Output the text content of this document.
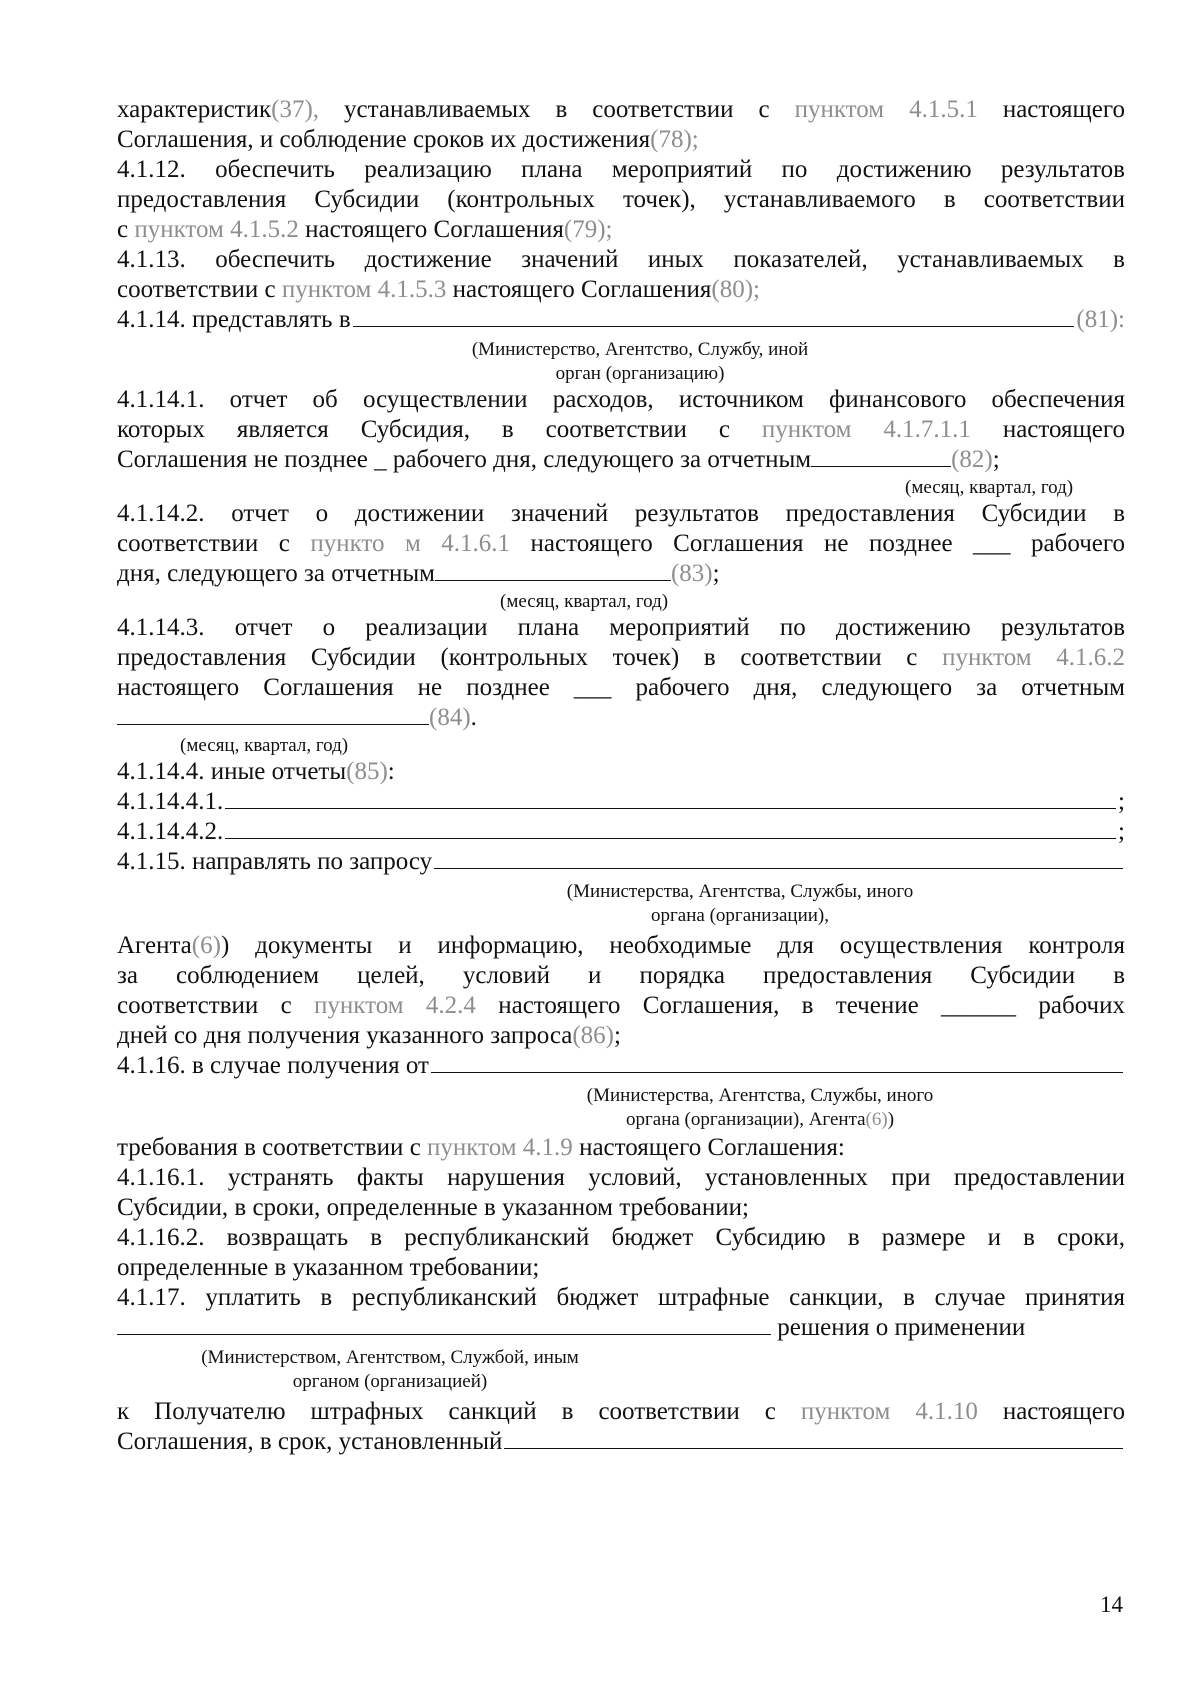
характеристик(37), устанавливаемых в соответствии с пунктом 4.1.5.1 настоящего
Соглашения, и соблюдение сроков их достижения(78);
4.1.12. обеспечить реализацию плана мероприятий по достижению результатов
предоставления Субсидии (контрольных точек), устанавливаемого в соответствии
с пунктом 4.1.5.2 настоящего Соглашения(79);
4.1.13. обеспечить достижение значений иных показателей, устанавливаемых в
соответствии с пунктом 4.1.5.3 настоящего Соглашения(80);
4.1.14. представлять в	(81):
(Министерство, Агентство, Службу, иной
орган (организацию)
4.1.14.1. отчет об осуществлении расходов, источником финансового обеспечения
которых является Субсидия, в соответствии с пунктом 4.1.7.1.1 настоящего
Соглашения не позднее _ рабочего дня, следующего за отчетным	(82) ;
(месяц, квартал, год)
4.1.14.2. отчет о достижении значений результатов предоставления Субсидии в
соответствии с пункто м 4.1.6.1 настоящего Соглашения не позднее ___ рабочего
дня, следующего за отчетным	(83) ;
(месяц, квартал, год)
4.1.14.3. отчет о реализации плана мероприятий по достижению результатов
предоставления Субсидии (контрольных точек) в соответствии с пунктом 4.1.6.2
настоящего Соглашения не позднее ___ рабочего дня, следующего за отчетным
(84) .
(месяц, квартал, год)
4.1.14.4. иные отчеты(85):
4.1.14.4.1.	;
4.1.14.4.2.	;
4.1.15. направлять по запросу
(Министерства, Агентства, Службы, иного
органа (организации),
Агента(6)) документы и информацию, необходимые для осуществления контроля
за соблюдением целей, условий и порядка предоставления Субсидии в
соответствии с пунктом 4.2.4 настоящего Соглашения, в течение ______ рабочих
дней со дня получения указанного запроса(86);
4.1.16. в случае получения от
(Министерства, Агентства, Службы, иного
органа (организации), Агента(6))
требования в соответствии с пунктом 4.1.9 настоящего Соглашения:
4.1.16.1. устранять факты нарушения условий, установленных при предоставлении
Субсидии, в сроки, определенные в указанном требовании;
4.1.16.2. возвращать в республиканский бюджет Субсидию в размере и в сроки,
определенные в указанном требовании;
4.1.17. уплатить в республиканский бюджет штрафные санкции, в случае принятия
решения о применении
(Министерством, Агентством, Службой, иным
органом (организацией)
к Получателю штрафных санкций в соответствии с пунктом 4.1.10 настоящего
Соглашения, в срок, установленный
14
